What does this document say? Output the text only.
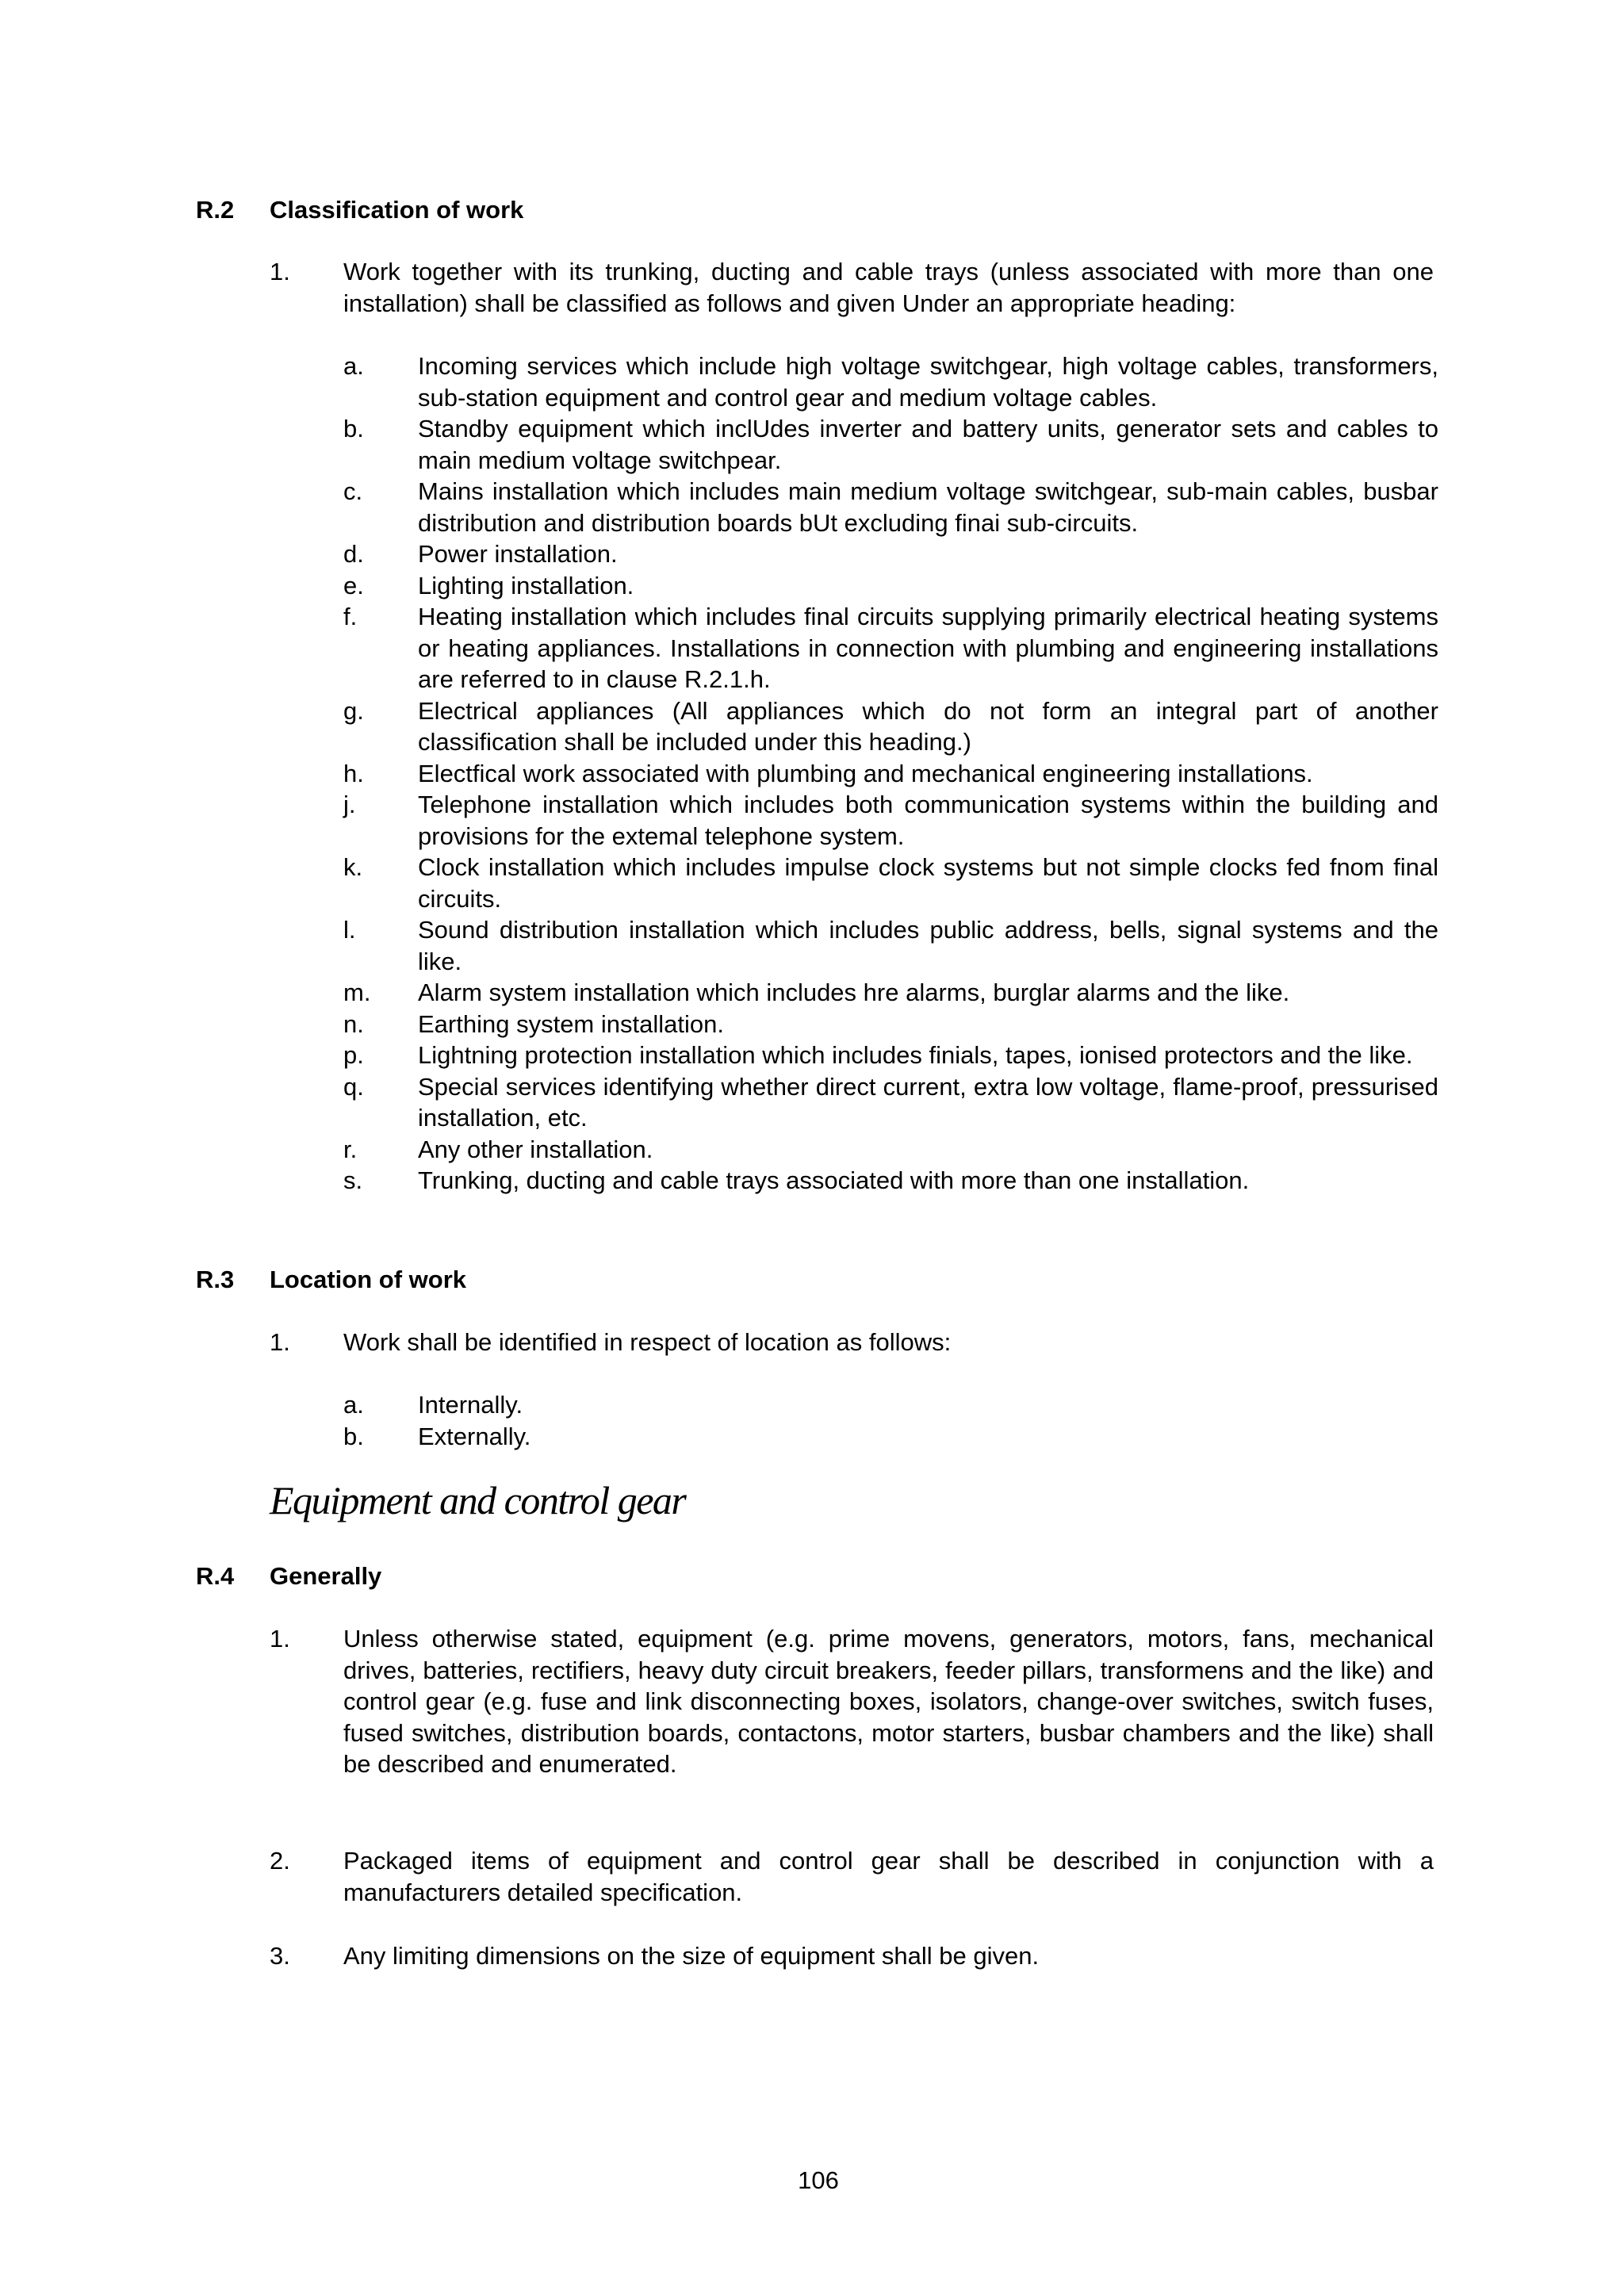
R.2 Classification of work
1. Work together with its trunking, ducting and cable trays (unless associated with more than one installation) shall be classified as follows and given Under an appropriate heading:
a. Incoming services which include high voltage switchgear, high voltage cables, transformers, sub-station equipment and control gear and medium voltage cables.
b. Standby equipment which inclUdes inverter and battery units, generator sets and cables to main medium voltage switchpear.
c. Mains installation which includes main medium voltage switchgear, sub-main cables, busbar distribution and distribution boards bUt excluding finai sub-circuits.
d. Power installation.
e. Lighting installation.
f. Heating installation which includes final circuits supplying primarily electrical heating systems or heating appliances. Installations in connection with plumbing and engineering installations are referred to in clause R.2.1.h.
g. Electrical appliances (All appliances which do not form an integral part of another classification shall be included under this heading.)
h. Electfical work associated with plumbing and mechanical engineering installations.
j.	Telephone installation which includes both communication systems within the building and provisions for the extemal telephone system.
k. Clock installation which includes impulse clock systems but not simple clocks fed fnom final circuits.
l.	Sound distribution installation which includes public address, bells, signal systems and the like.
m. Alarm system installation which includes hre alarms, burglar alarms and the like.
n. Earthing system installation.
p. Lightning protection installation which includes finials, tapes, ionised protectors and the like.
q. Special services identifying whether direct current, extra low voltage, flame-proof, pressurised installation, etc.
r. Any other installation.
s. Trunking, ducting and cable trays associated with more than one installation.
R.3 Location of work
1. Work shall be identified in respect of location as follows:
a. Internally.
b. Externally.
Equipment and control gear
R.4 Generally
1. Unless otherwise stated, equipment (e.g. prime movens, generators, motors, fans, mechanical drives, batteries, rectifiers, heavy duty circuit breakers, feeder pillars, transformens and the like) and control gear (e.g. fuse and link disconnecting boxes, isolators, change-over switches, switch fuses, fused switches, distribution boards, contactons, motor starters, busbar chambers and the like) shall be described and enumerated.
2. Packaged items of equipment and control gear shall be described in conjunction with a manufacturers detailed specification.
3. Any limiting dimensions on the size of equipment shall be given.
106
